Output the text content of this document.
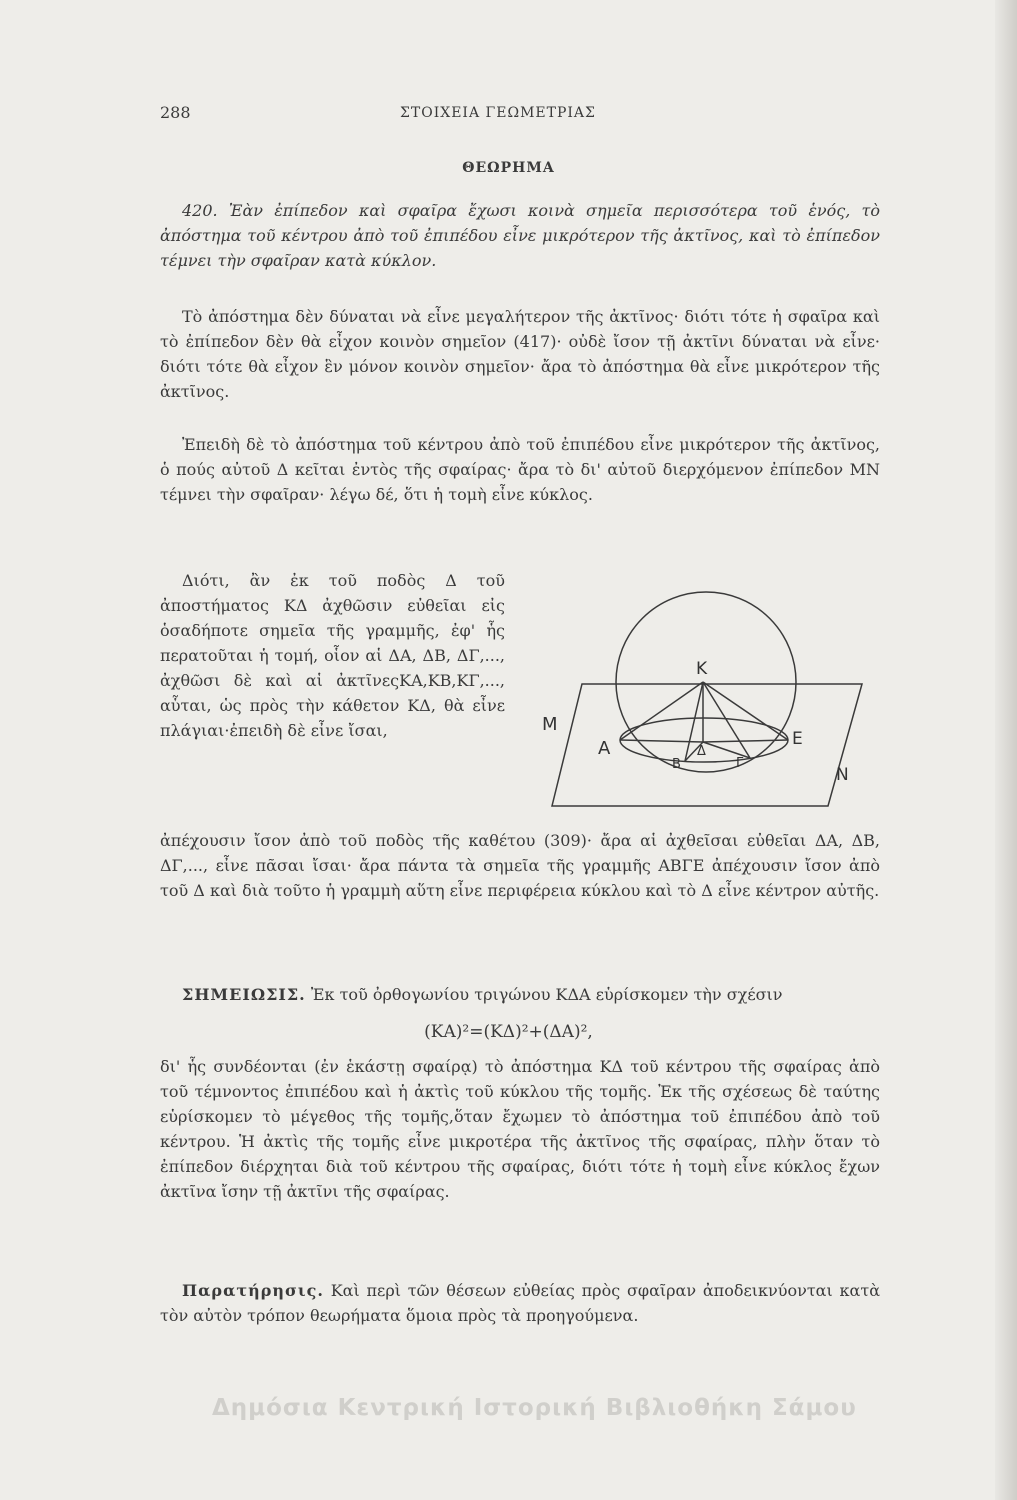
288	ΣΤΟΙΧΕΙΑ ΓΕΩΜΕΤΡΙΑΣ
ΘΕΩΡΗΜΑ

420. Ἐὰν ἐπίπεδον καὶ σφαῖρα ἔχωσι κοινὰ σημεῖα περισσότερα τοῦ ἑνός, τὸ ἀπόστημα τοῦ κέντρου ἀπὸ τοῦ ἐπιπέδου εἶνε μικρότερον τῆς ἀκτῖνος, καὶ τὸ ἐπίπεδον τέμνει τὴν σφαῖραν κατὰ κύκλον.

Τὸ ἀπόστημα δὲν δύναται νὰ εἶνε μεγαλήτερον τῆς ἀκτῖνος· διότι τότε ἡ σφαῖρα καὶ τὸ ἐπίπεδον δὲν θὰ εἶχον κοινὸν σημεῖον (417)· οὐδὲ ἴσον τῇ ἀκτῖνι δύναται νὰ εἶνε· διότι τότε θὰ εἶχον ἓν μόνον κοινὸν σημεῖον· ἄρα τὸ ἀπόστημα θὰ εἶνε μικρότερον τῆς ἀκτῖνος.

Ἐπειδὴ δὲ τὸ ἀπόστημα τοῦ κέντρου ἀπὸ τοῦ ἐπιπέδου εἶνε μικρότερον τῆς ἀκτῖνος, ὁ πούς αὐτοῦ Δ κεῖται ἐντὸς τῆς σφαίρας· ἄρα τὸ δι' αὐτοῦ διερχόμενον ἐπίπεδον ΜΝ τέμνει τὴν σφαῖραν· λέγω δέ, ὅτι ἡ τομὴ εἶνε κύκλος.

Διότι, ἂν ἐκ τοῦ ποδὸς Δ τοῦ ἀποστήματος ΚΔ ἀχθῶσιν εὐθεῖαι εἰς ὁσαδήποτε σημεῖα τῆς γραμμῆς, ἐφ' ἧς περατοῦται ἡ τομή, οἷον αἱ ΔΑ, ΔΒ, ΔΓ,..., ἀχθῶσι δὲ καὶ αἱ ἀκτῖνεςΚΑ,ΚΒ,ΚΓ,..., αὗται, ὡς πρὸς τὴν κάθετον ΚΔ, θὰ εἶνε πλάγιαι·ἐπειδὴ δὲ εἶνε ἴσαι,

ἀπέχουσιν ἴσον ἀπὸ τοῦ ποδὸς τῆς καθέτου (309)· ἄρα αἱ ἀχθεῖσαι εὐθεῖαι ΔΑ, ΔΒ, ΔΓ,..., εἶνε πᾶσαι ἴσαι· ἄρα πάντα τὰ σημεῖα τῆς γραμμῆς ΑΒΓΕ ἀπέχουσιν ἴσον ἀπὸ τοῦ Δ καὶ διὰ τοῦτο ἡ γραμμὴ αὕτη εἶνε περιφέρεια κύκλου καὶ τὸ Δ εἶνε κέντρον αὐτῆς.

ΣΗΜΕΙΩΣΙΣ. Ἐκ τοῦ ὀρθογωνίου τριγώνου ΚΔΑ εὑρίσκομεν τὴν σχέσιν

(ΚΑ)²=(ΚΔ)²+(ΔΑ)²,

δι' ἧς συνδέονται (ἐν ἑκάστῃ σφαίρᾳ) τὸ ἀπόστημα ΚΔ τοῦ κέντρου τῆς σφαίρας ἀπὸ τοῦ τέμνοντος ἐπιπέδου καὶ ἡ ἀκτὶς τοῦ κύκλου τῆς τομῆς. Ἐκ τῆς σχέσεως δὲ ταύτης εὑρίσκομεν τὸ μέγεθος τῆς τομῆς,ὅταν ἔχωμεν τὸ ἀπόστημα τοῦ ἐπιπέδου ἀπὸ τοῦ κέντρου. Ἡ ἀκτὶς τῆς τομῆς εἶνε μικροτέρα τῆς ἀκτῖνος τῆς σφαίρας, πλὴν ὅταν τὸ ἐπίπεδον διέρχηται διὰ τοῦ κέντρου τῆς σφαίρας, διότι τότε ἡ τομὴ εἶνε κύκλος ἔχων ἀκτῖνα ἴσην τῇ ἀκτῖνι τῆς σφαίρας.

Παρατήρησις. Καὶ περὶ τῶν θέσεων εὐθείας πρὸς σφαῖραν ἀποδεικνύονται κατὰ τὸν αὐτὸν τρόπον θεωρήματα ὅμοια πρὸς τὰ προηγούμενα.

Κ
Μ
Α	Δ
Ε
Β	Γ
Ν
Δημόσια Κεντρική Ιστορική Βιβλιοθήκη Σάμου
